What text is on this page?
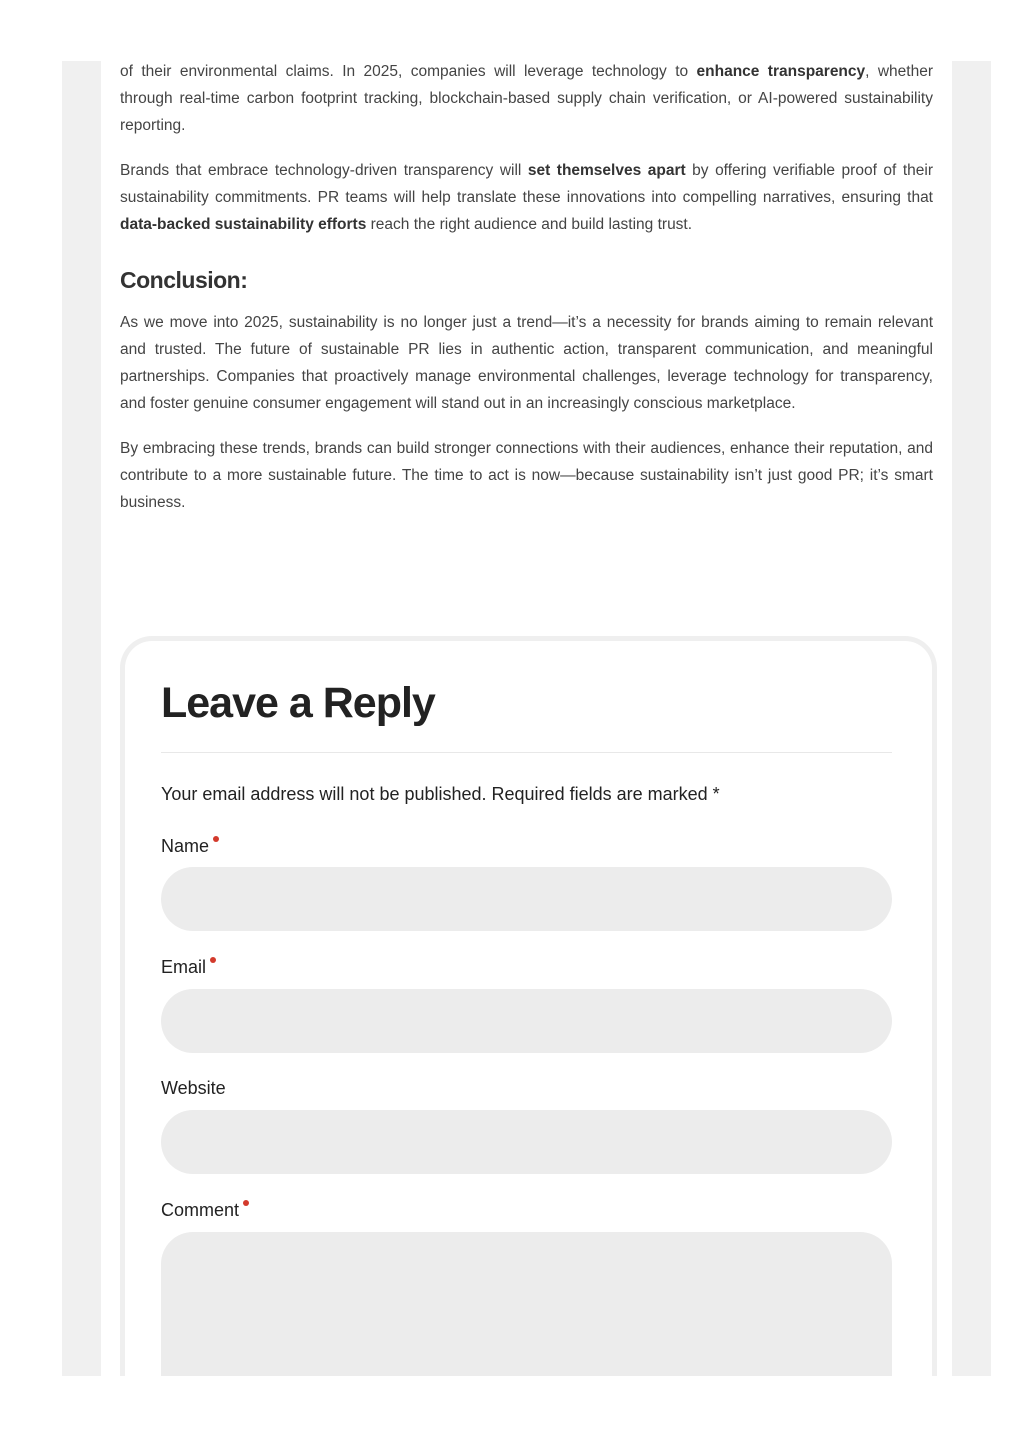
of their environmental claims. In 2025, companies will leverage technology to enhance transparency, whether through real-time carbon footprint tracking, blockchain-based supply chain verification, or AI-powered sustainability reporting.

Brands that embrace technology-driven transparency will set themselves apart by offering verifiable proof of their sustainability commitments. PR teams will help translate these innovations into compelling narratives, ensuring that data-backed sustainability efforts reach the right audience and build lasting trust.

Conclusion:

As we move into 2025, sustainability is no longer just a trend—it’s a necessity for brands aiming to remain relevant and trusted. The future of sustainable PR lies in authentic action, transparent communication, and meaningful partnerships. Companies that proactively manage environmental challenges, leverage technology for transparency, and foster genuine consumer engagement will stand out in an increasingly conscious marketplace.

By embracing these trends, brands can build stronger connections with their audiences, enhance their reputation, and contribute to a more sustainable future. The time to act is now—because sustainability isn’t just good PR; it’s smart business.

Leave a Reply
Your email address will not be published. Required fields are marked *
Name
Email
Website
Comment
